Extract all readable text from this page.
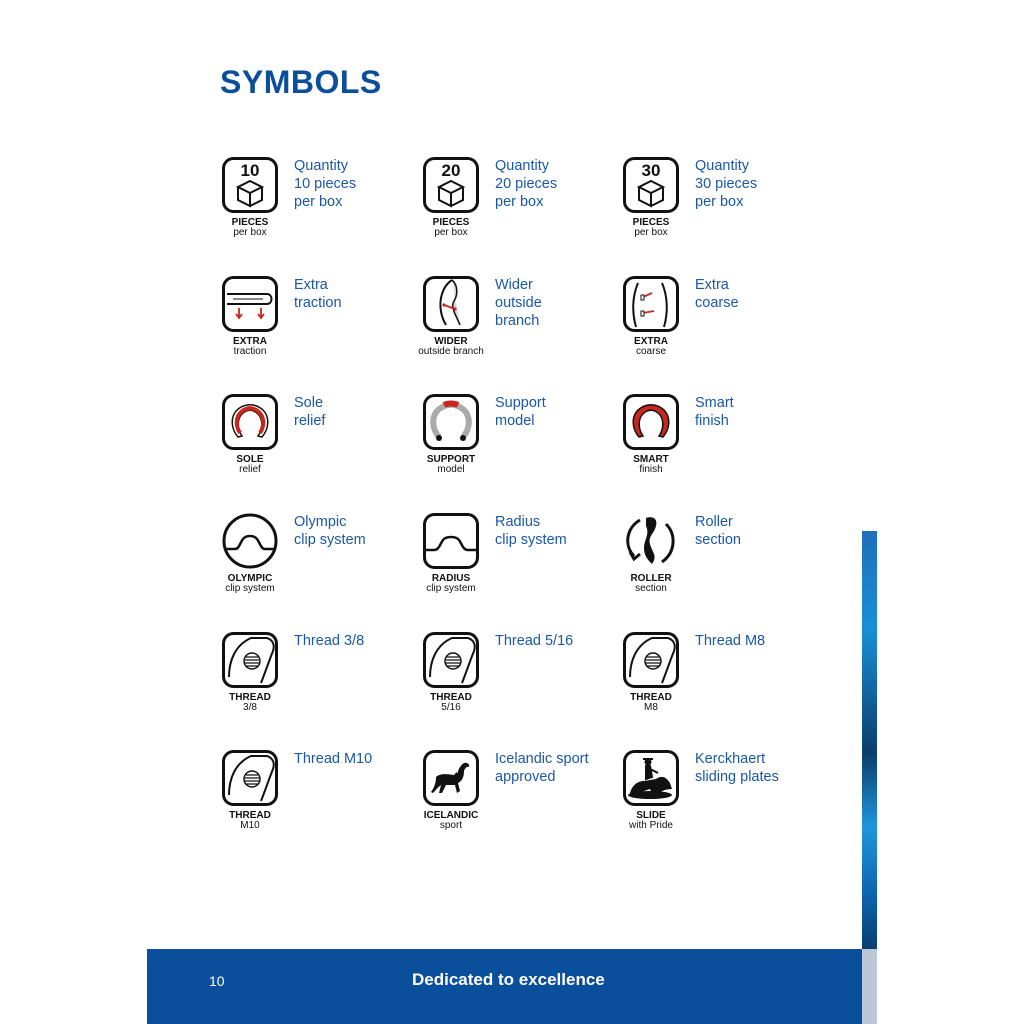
SYMBOLS
10
PIECES
per box
Quantity
10 pieces
per box
20
PIECES
per box
Quantity
20 pieces
per box
30
PIECES
per box
Quantity
30 pieces
per box
EXTRA
traction
Extra
traction
WIDER
outside branch
Wider
outside
branch
EXTRA
coarse
Extra
coarse
SOLE
relief
Sole
relief
SUPPORT
model
Support
model
SMART
finish
Smart
finish
OLYMPIC
clip system
Olympic
clip system
RADIUS
clip system
Radius
clip system
ROLLER
section
Roller
section
THREAD
3/8
Thread 3/8
THREAD
5/16
Thread 5/16
THREAD
M8
Thread M8
THREAD
M10
Thread M10
ICELANDIC
sport
Icelandic sport
approved
SLIDE
with Pride
Kerckhaert
sliding plates
10	Dedicated to excellence
